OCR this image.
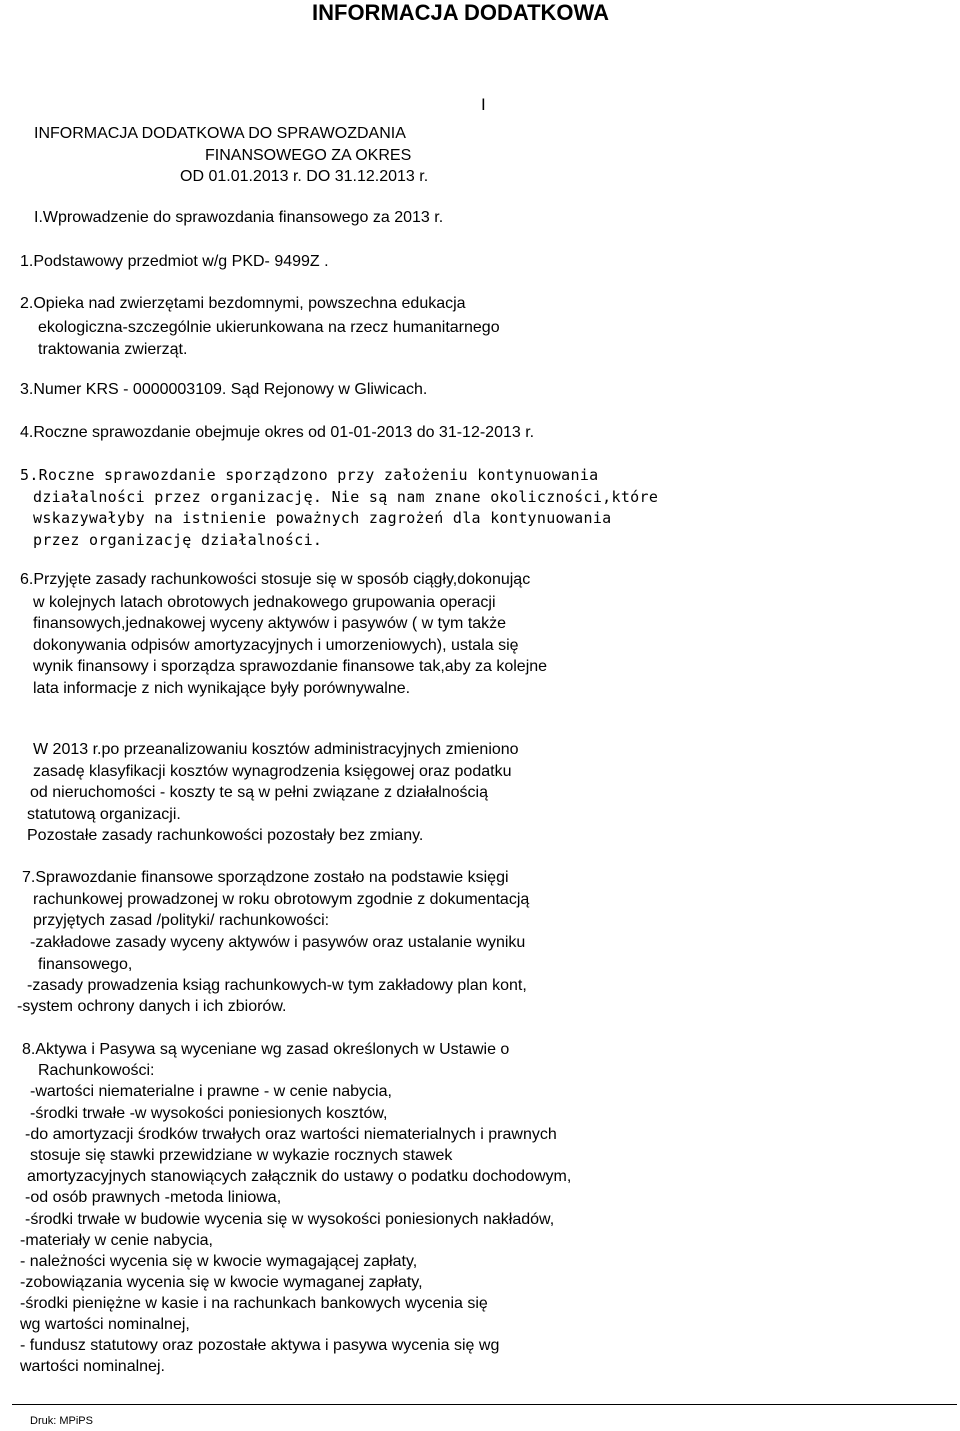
INFORMACJA DODATKOWA
I
INFORMACJA DODATKOWA DO SPRAWOZDANIA
FINANSOWEGO ZA OKRES
OD 01.01.2013 r. DO 31.12.2013 r.
I.Wprowadzenie do sprawozdania finansowego za 2013 r.
1.Podstawowy przedmiot w/g PKD- 9499Z .
2.Opieka nad zwierzętami bezdomnymi, powszechna edukacja
ekologiczna-szczególnie ukierunkowana na rzecz humanitarnego
traktowania zwierząt.
3.Numer KRS - 0000003109. Sąd Rejonowy w Gliwicach.
4.Roczne sprawozdanie obejmuje okres od 01-01-2013 do 31-12-2013 r.
5.Roczne sprawozdanie sporządzono przy założeniu kontynuowania
działalności przez organizację. Nie są nam znane okoliczności,które
wskazywałyby na istnienie poważnych zagrożeń dla kontynuowania
przez organizację działalności.
6.Przyjęte zasady rachunkowości stosuje się w sposób ciągły,dokonując
w kolejnych latach obrotowych jednakowego grupowania operacji
finansowych,jednakowej wyceny aktywów i pasywów ( w tym także
dokonywania odpisów amortyzacyjnych i umorzeniowych), ustala się
wynik finansowy i sporządza sprawozdanie finansowe tak,aby za kolejne
lata informacje z nich wynikające były porównywalne.
W 2013 r.po przeanalizowaniu kosztów administracyjnych zmieniono
zasadę klasyfikacji kosztów wynagrodzenia księgowej oraz podatku
od nieruchomości - koszty te są w pełni związane z działalnością
statutową organizacji.
Pozostałe zasady rachunkowości pozostały bez zmiany.
7.Sprawozdanie finansowe sporządzone zostało na podstawie księgi
rachunkowej prowadzonej w roku obrotowym zgodnie z dokumentacją
przyjętych zasad /polityki/ rachunkowości:
-zakładowe zasady wyceny aktywów i pasywów oraz ustalanie wyniku
finansowego,
-zasady prowadzenia ksiąg rachunkowych-w tym zakładowy plan kont,
-system ochrony danych i ich zbiorów.
8.Aktywa i Pasywa są wyceniane wg zasad określonych w Ustawie o
Rachunkowości:
-wartości niematerialne i prawne - w cenie nabycia,
-środki trwałe -w wysokości poniesionych kosztów,
-do amortyzacji środków trwałych oraz wartości niematerialnych i prawnych
stosuje się stawki przewidziane w wykazie rocznych stawek
amortyzacyjnych stanowiących załącznik do ustawy o podatku dochodowym,
-od osób prawnych -metoda liniowa,
-środki trwałe w budowie wycenia się w wysokości poniesionych nakładów,
-materiały w cenie nabycia,
- należności wycenia się w kwocie wymagającej zapłaty,
-zobowiązania wycenia się w kwocie wymaganej zapłaty,
-środki pieniężne w kasie i na rachunkach bankowych wycenia się
wg wartości nominalnej,
- fundusz statutowy oraz pozostałe aktywa i pasywa wycenia się wg
wartości nominalnej.
Druk: MPiPS
